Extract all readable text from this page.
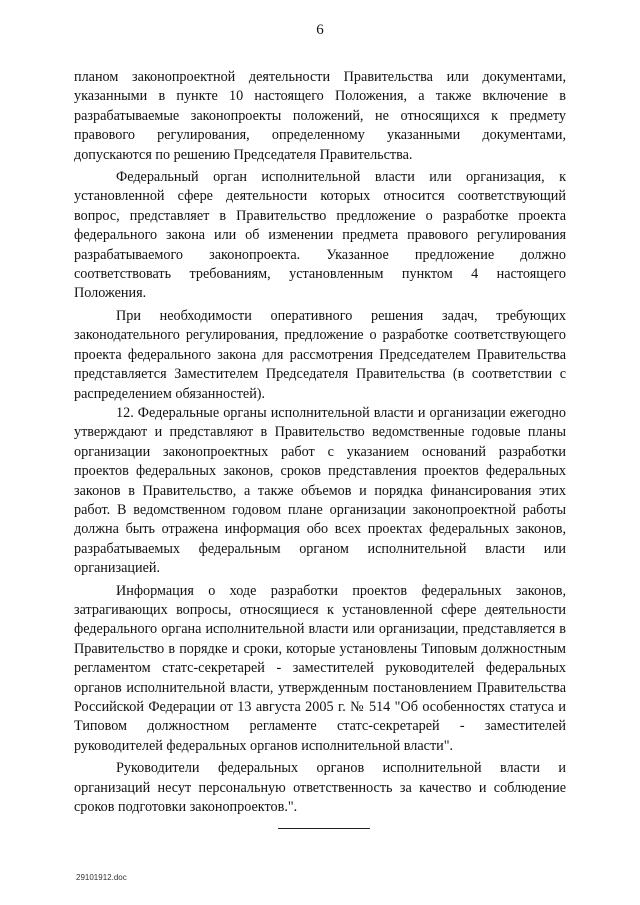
6

планом законопроектной деятельности Правительства или документами, указанными в пункте 10 настоящего Положения, а также включение в разрабатываемые законопроекты положений, не относящихся к предмету правового регулирования, определенному указанными документами, допускаются по решению Председателя Правительства.

Федеральный орган исполнительной власти или организация, к установленной сфере деятельности которых относится соответствующий вопрос, представляет в Правительство предложение о разработке проекта федерального закона или об изменении предмета правового регулирования разрабатываемого законопроекта. Указанное предложение должно соответствовать требованиям, установленным пунктом 4 настоящего Положения.

При необходимости оперативного решения задач, требующих законодательного регулирования, предложение о разработке соответствующего проекта федерального закона для рассмотрения Председателем Правительства представляется Заместителем Председателя Правительства (в соответствии с распределением обязанностей).

12. Федеральные органы исполнительной власти и организации ежегодно утверждают и представляют в Правительство ведомственные годовые планы организации законопроектных работ с указанием оснований разработки проектов федеральных законов, сроков представления проектов федеральных законов в Правительство, а также объемов и порядка финансирования этих работ. В ведомственном годовом плане организации законопроектной работы должна быть отражена информация обо всех проектах федеральных законов, разрабатываемых федеральным органом исполнительной власти или организацией.

Информация о ходе разработки проектов федеральных законов, затрагивающих вопросы, относящиеся к установленной сфере деятельности федерального органа исполнительной власти или организации, представляется в Правительство в порядке и сроки, которые установлены Типовым должностным регламентом статс-секретарей - заместителей руководителей федеральных органов исполнительной власти, утвержденным постановлением Правительства Российской Федерации от 13 августа 2005 г. № 514 "Об особенностях статуса и Типовом должностном регламенте статс-секретарей - заместителей руководителей федеральных органов исполнительной власти".

Руководители федеральных органов исполнительной власти и организаций несут персональную ответственность за качество и соблюдение сроков подготовки законопроектов.".

29101912.doc
